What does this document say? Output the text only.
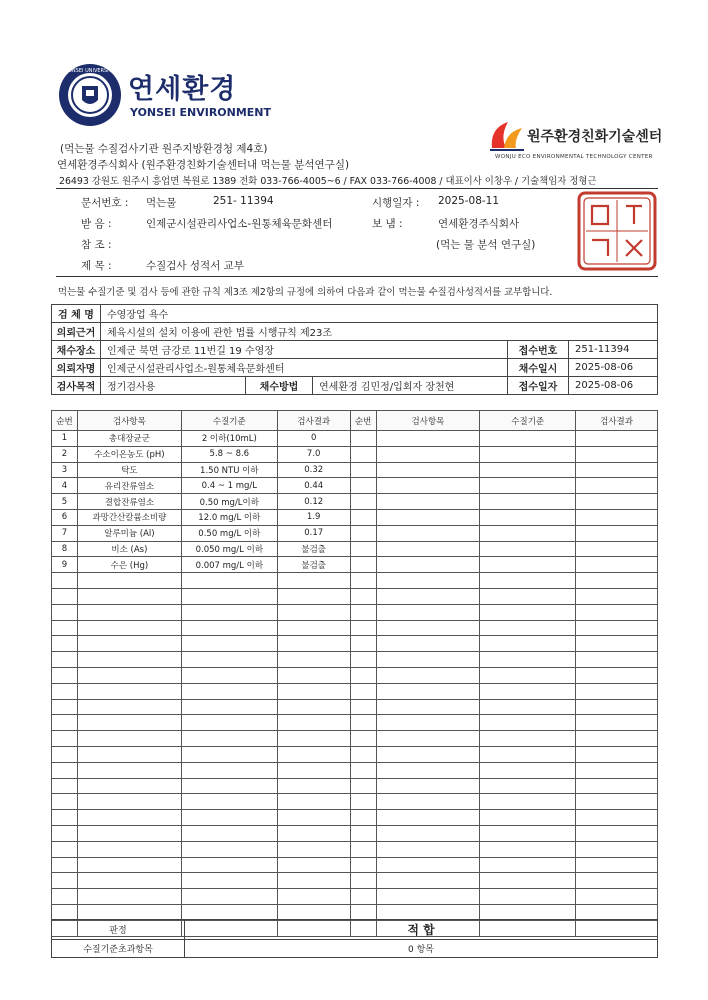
YONSEI UNIVERSITY
연세환경
YONSEI ENVIRONMENT
원주환경친화기술센터
WONJU ECO ENVIRONMENTAL TECHNOLOGY CENTER
(먹는물 수질검사기관 원주지방환경청 제4호)
연세환경주식회사 (원주환경친화기술센터내 먹는물 분석연구실)
26493 강원도 원주시 흥업면 복원로 1389 전화 033-766-4005~6 / FAX 033-766-4008 / 대표이사 이창우 / 기술책임자 정형근
문서번호 : 먹는물	251- 11394	시행일자 : 2025-08-11
받 음 :	인제군시설관리사업소-원통체육문화센터	보 냄 :	연세환경주식회사
참 조 :	(먹는 물 분석 연구실)
제 목 :	수질검사 성적서 교부
먹는물 수질기준 및 검사 등에 관한 규칙 제3조 제2항의 규정에 의하여 다음과 같이 먹는물 수질검사성적서를 교부합니다.
검 체 명	수영장업 욕수				
의뢰근거	체육시설의 설치 이용에 관한 법률 시행규칙 제23조				
채수장소	인제군 북면 금강로 11번길 19 수영장			접수번호	251-11394
의뢰자명	인제군시설관리사업소-원통체육문화센터			채수일시	2025-08-06
검사목적	정기검사용	채수방법	연세환경 김민정/입회자 장천현	접수일자	2025-08-06
순번	검사항목	수질기준	검사결과	순번	검사항목	수질기준	검사결과
1	총대장균군	2 이하(10mL)	0				
2	수소이온농도 (pH)	5.8 ~ 8.6	7.0				
3	탁도	1.50 NTU 이하	0.32				
4	유리잔류염소	0.4 ~ 1 mg/L	0.44				
5	결합잔류염소	0.50 mg/L이하	0.12				
6	과망간산칼륨소비량	12.0 mg/L 이하	1.9				
7	알루미늄 (Al)	0.50 mg/L 이하	0.17				
8	비소 (As)	0.050 mg/L 이하	불검출				
9	수은 (Hg)	0.007 mg/L 이하	불검출				

판정	적 합
수질기준초과항목	0 항목
